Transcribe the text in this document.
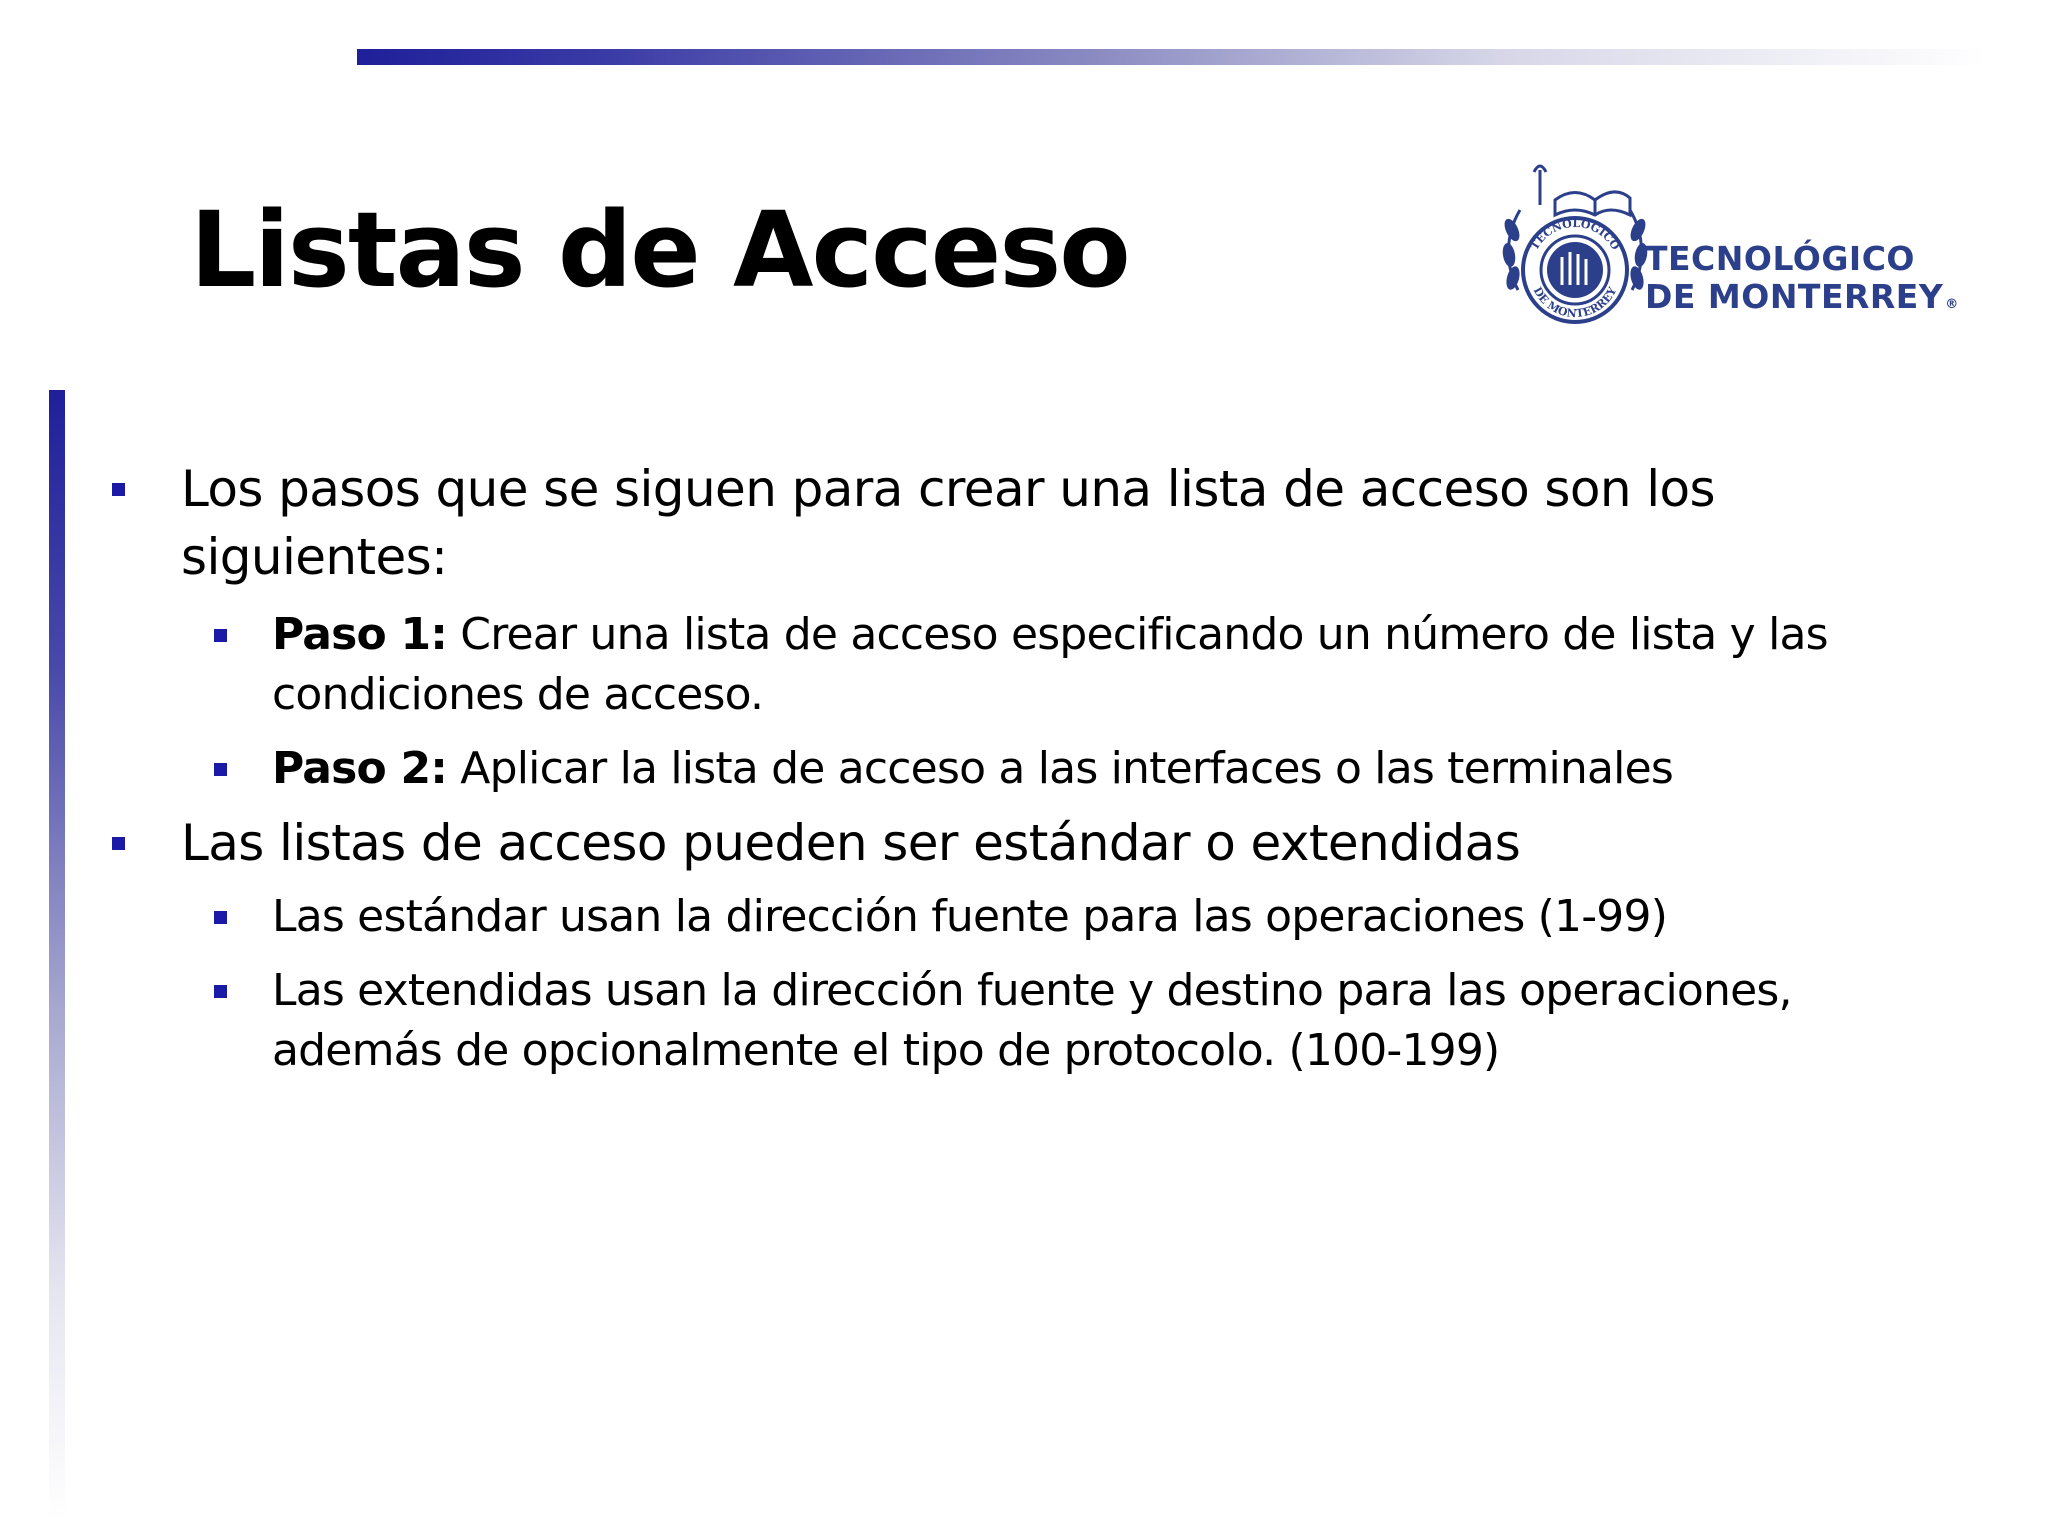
Listas de Acceso	TECNOLOGICO
DE MONTERREY
TECNOLÓGICO
DE MONTERREY ®
Los pasos que se siguen para crear una lista de acceso son los
siguientes:
Paso 1: Crear una lista de acceso especificando un número de lista y las
condiciones de acceso.
Paso 2: Aplicar la lista de acceso a las interfaces o las terminales
Las listas de acceso pueden ser estándar o extendidas
Las estándar usan la dirección fuente para las operaciones (1-99)
Las extendidas usan la dirección fuente y destino para las operaciones,
además de opcionalmente el tipo de protocolo. (100-199)
